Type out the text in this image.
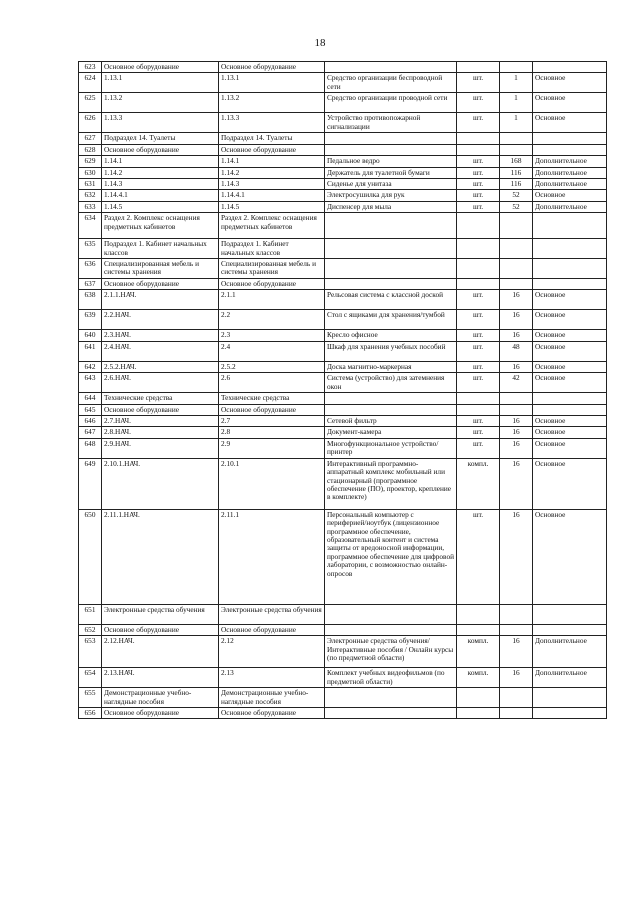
18
623	Основное оборудование	Основное оборудование				
624	1.13.1	1.13.1	Средство организации беспроводной сети	шт.	1	Основное
625	1.13.2	1.13.2	Средство организации проводной сети	шт.	1	Основное
626	1.13.3	1.13.3	Устройство противопожарной сигнализации	шт.	1	Основное
627	Подраздел 14. Туалеты	Подраздел 14. Туалеты				
628	Основное оборудование	Основное оборудование				
629	1.14.1	1.14.1	Педальное ведро	шт.	168	Дополнительное
630	1.14.2	1.14.2	Держатель для туалетной бумаги	шт.	116	Дополнительное
631	1.14.3	1.14.3	Сиденье для унитаза	шт.	116	Дополнительное
632	1.14.4.1	1.14.4.1	Электросушилка для рук	шт.	52	Основное
633	1.14.5	1.14.5	Диспенсер для мыла	шт.	52	Дополнительное
634	Раздел 2. Комплекс оснащения предметных кабинетов	Раздел 2. Комплекс оснащения предметных кабинетов				
635	Подраздел 1. Кабинет начальных классов	Подраздел 1. Кабинет начальных классов				
636	Специализированная мебель и системы хранения	Специализированная мебель и системы хранения				
637	Основное оборудование	Основное оборудование				
638	2.1.1.НАЧ.	2.1.1	Рельсовая система с классной доской	шт.	16	Основное
639	2.2.НАЧ.	2.2	Стол с ящиками для хранения/тумбой	шт.	16	Основное
640	2.3.НАЧ.	2.3	Кресло офисное	шт.	16	Основное
641	2.4.НАЧ.	2.4	Шкаф для хранения учебных пособий	шт.	48	Основное
642	2.5.2.НАЧ.	2.5.2	Доска магнитно-маркерная	шт.	16	Основное
643	2.6.НАЧ.	2.6	Система (устройство) для затемнения окон	шт.	42	Основное
644	Технические средства	Технические средства				
645	Основное оборудование	Основное оборудование				
646	2.7.НАЧ.	2.7	Сетевой фильтр	шт.	16	Основное
647	2.8.НАЧ.	2.8	Документ-камера	шт.	16	Основное
648	2.9.НАЧ.	2.9	Многофункциональное устройство/принтер	шт.	16	Основное
649	2.10.1.НАЧ.	2.10.1	Интерактивный программно-аппаратный комплекс мобильный или стационарный (программное обеспечение (ПО), проектор, крепление в комплекте)	компл.	16	Основное
650	2.11.1.НАЧ.	2.11.1	Персональный компьютер с периферией/ноутбук (лицензионное программное обеспечение, образовательный контент и система защиты от вредоносной информации, программное обеспечение для цифровой лаборатории, с возможностью онлайн-опросов	шт.	16	Основное
651	Электронные средства обучения	Электронные средства обучения				
652	Основное оборудование	Основное оборудование				
653	2.12.НАЧ.	2.12	Электронные средства обучения/Интерактивные пособия / Онлайн курсы (по предметной области)	компл.	16	Дополнительное
654	2.13.НАЧ.	2.13	Комплект учебных видеофильмов (по предметной области)	компл.	16	Дополнительное
655	Демонстрационные учебно-наглядные пособия	Демонстрационные учебно-наглядные пособия				
656	Основное оборудование	Основное оборудование				
